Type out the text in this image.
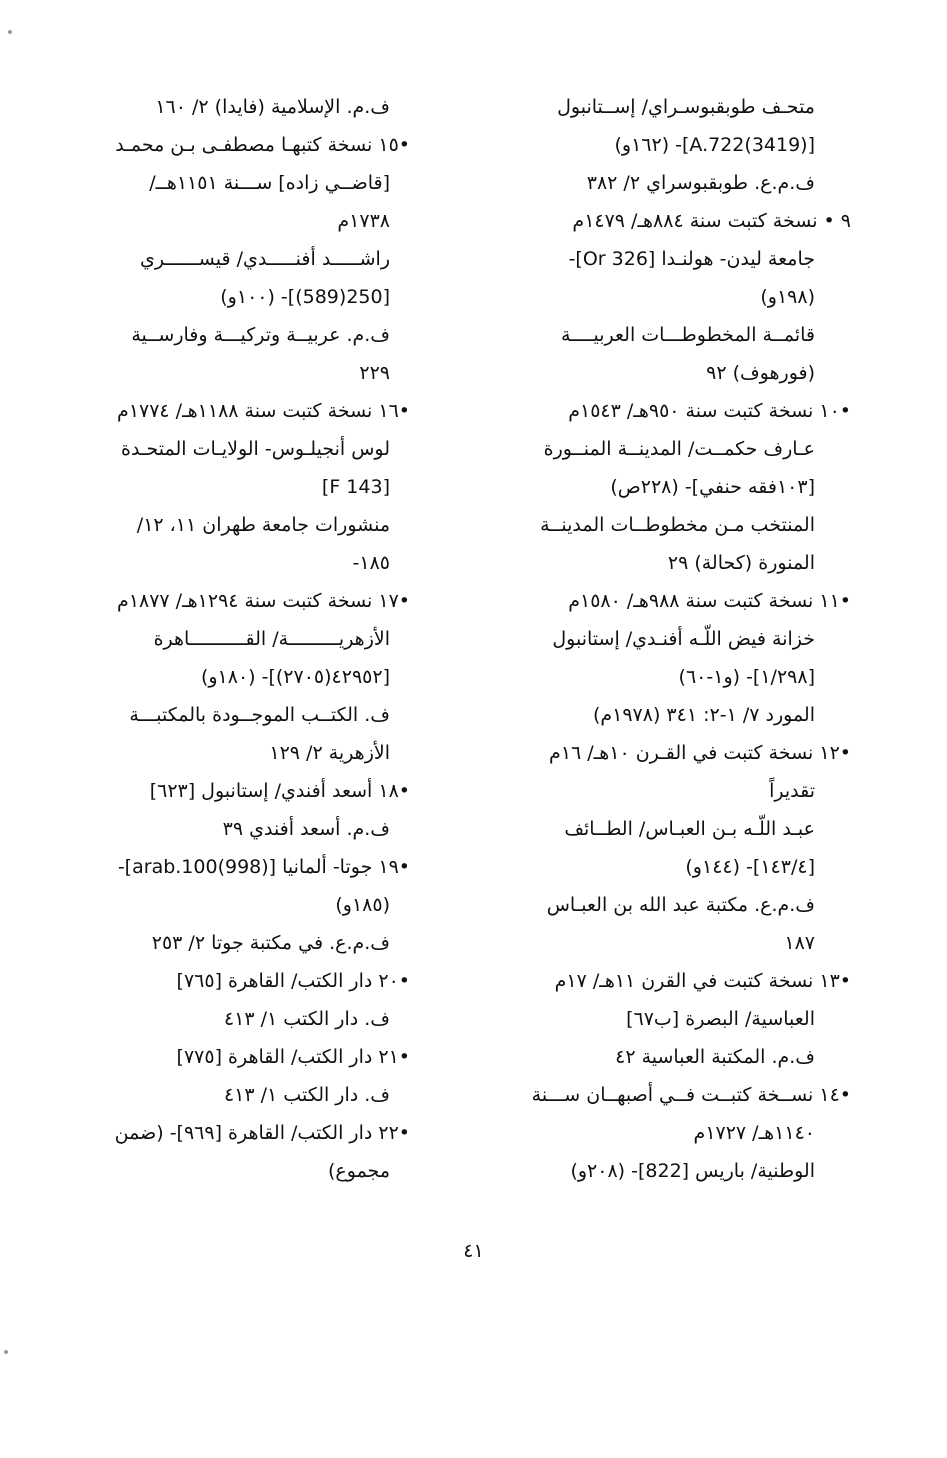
متحـف طوبقبوسـراي/ إســتانبول
[(3419)A.722]- (١٦٢و)
ف.م.ع. طوبقبوسراي ٢/ ٣٨٢
٩ • نسخة كتبت سنة ٨٨٤هـ/ ١٤٧٩م
جامعة ليدن- هولنـدا [Or 326]-
(١٩٨و)
قائمــة المخطوطـــات العربيــــة
(فورهوف) ٩٢
•١٠ نسخة كتبت سنة ٩٥٠هـ/ ١٥٤٣م
عـارف حكمــت/ المدينــة المنــورة
[١٠٣فقه حنفي]- (٢٢٨ص)
المنتخب مـن مخطوطــات المدينــة
المنورة (كحالة) ٢٩
•١١ نسخة كتبت سنة ٩٨٨هـ/ ١٥٨٠م
خزانة فيض اللّـه أفنـدي/ إستانبول
[١/٢٩٨]- (و١-٦٠)
المورد ٧/ ١-٢: ٣٤١ (١٩٧٨م)
•١٢ نسخة كتبت في القـرن ١٠هـ/ ١٦م
تقديراً
عبـد اللّـه بـن العبـاس/ الطــائف
[١٤٣/٤]- (١٤٤و)
ف.م.ع. مكتبة عبد الله بن العبـاس
١٨٧
•١٣ نسخة كتبت في القرن ١١هـ/ ١٧م
العباسية/ البصرة [ب٦٧]
ف.م. المكتبة العباسية ٤٢
•١٤ نســخة كتبــت فــي أصبهــان ســـنة
١١٤٠هـ/ ١٧٢٧م
الوطنية/ باريس [822]- (٢٠٨و)
ف.م. الإسلامية (فايدا) ٢/ ١٦٠
•١٥ نسخة كتبهـا مصطفـى بـن محمـد
[قاضــي زاده] ســـنة ١١٥١هــ/
١٧٣٨م
راشـــــد أفنـــــدي/ قيســــــري
[250(589)]- (١٠٠و)
ف.م. عربيــة وتركيـــة وفارســية
٢٢٩
•١٦ نسخة كتبت سنة ١١٨٨هـ/ ١٧٧٤م
لوس أنجيلـوس- الولايـات المتحـدة
[F 143]
منشورات جامعة طهران ١١، ١٢/
١٨٥-
•١٧ نسخة كتبت سنة ١٢٩٤هـ/ ١٨٧٧م
الأزهريـــــــــة/ القــــــــــاهرة
[٤٢٩٥٢(٢٧٠٥)]- (١٨٠و)
ف. الكتــب الموجــودة بالمكتبـــة
الأزهرية ٢/ ١٢٩
•١٨ أسعد أفندي/ إستانبول [٦٢٣]
ف.م. أسعد أفندي ٣٩
•١٩ جوتا- ألمانيا [arab.100(998)]-
(١٨٥و)
ف.م.ع. في مكتبة جوتا ٢/ ٢٥٣
•٢٠ دار الكتب/ القاهرة [٧٦٥]
ف. دار الكتب ١/ ٤١٣
•٢١ دار الكتب/ القاهرة [٧٧٥]
ف. دار الكتب ١/ ٤١٣
•٢٢ دار الكتب/ القاهرة [٩٦٩]- (ضمن
مجموع)
٤١
